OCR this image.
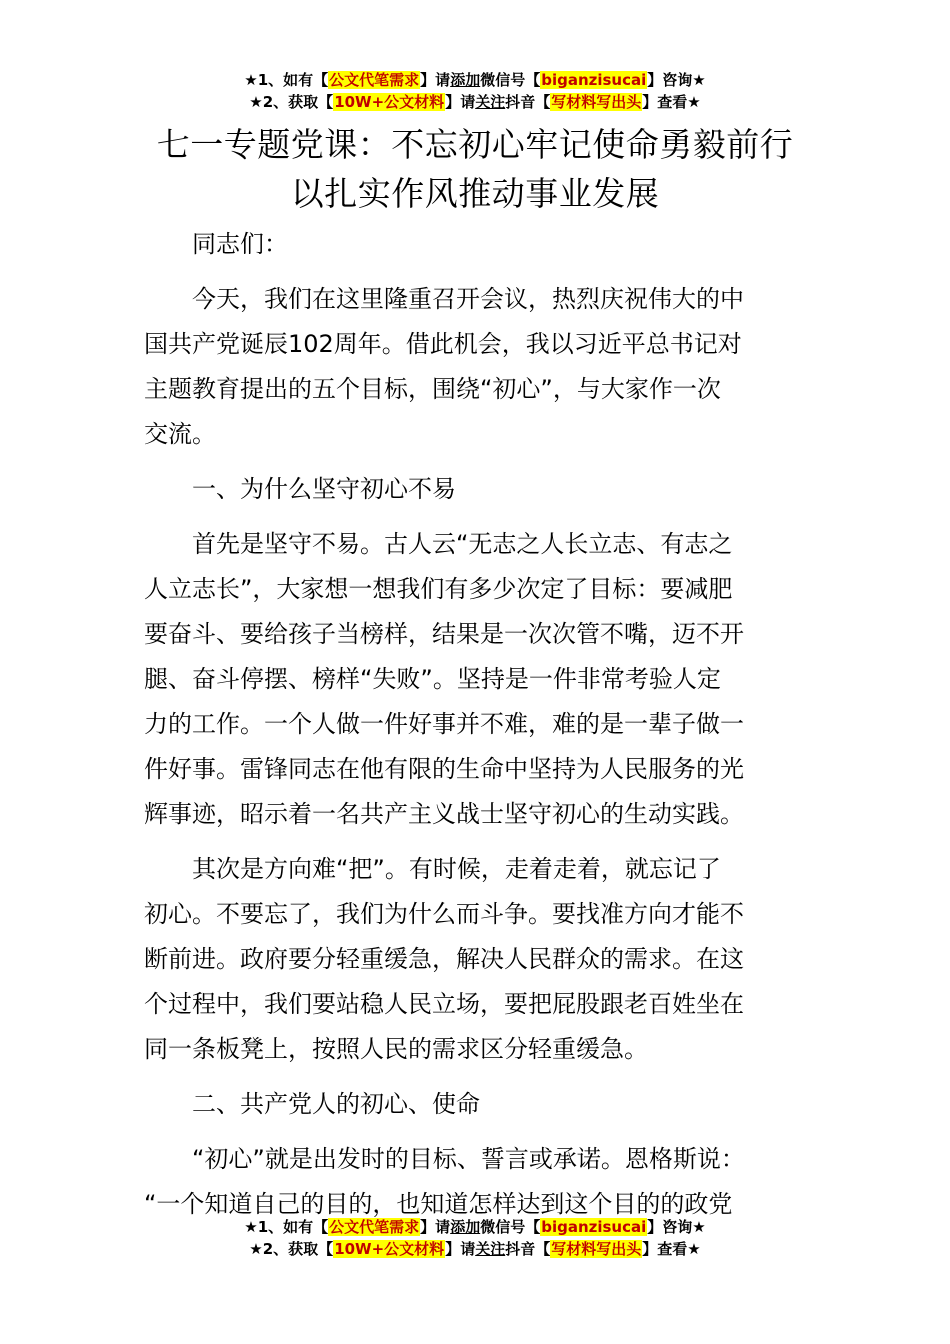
★1、如有【公文代笔需求】请添加微信号【biganzisucai】咨询★
★2、获取【10W+公文材料】请关注抖音【写材料写出头】查看★
七一专题党课：不忘初心牢记使命勇毅前行
以扎实作风推动事业发展

同志们：

今天，我们在这里隆重召开会议，热烈庆祝伟大的中
国共产党诞辰102周年。借此机会，我以习近平总书记对
主题教育提出的五个目标，围绕“初心”，与大家作一次
交流。

一、为什么坚守初心不易

首先是坚守不易。古人云“无志之人长立志、有志之
人立志长”，大家想一想我们有多少次定了目标：要减肥
要奋斗、要给孩子当榜样，结果是一次次管不嘴，迈不开
腿、奋斗停摆、榜样“失败”。坚持是一件非常考验人定
力的工作。一个人做一件好事并不难，难的是一辈子做一
件好事。雷锋同志在他有限的生命中坚持为人民服务的光
辉事迹，昭示着一名共产主义战士坚守初心的生动实践。

其次是方向难“把”。有时候，走着走着，就忘记了
初心。不要忘了，我们为什么而斗争。要找准方向才能不
断前进。政府要分轻重缓急，解决人民群众的需求。在这
个过程中，我们要站稳人民立场，要把屁股跟老百姓坐在
同一条板凳上，按照人民的需求区分轻重缓急。

二、共产党人的初心、使命

“初心”就是出发时的目标、誓言或承诺。恩格斯说：
“一个知道自己的目的，也知道怎样达到这个目的的政党

★1、如有【公文代笔需求】请添加微信号【biganzisucai】咨询★
★2、获取【10W+公文材料】请关注抖音【写材料写出头】查看★
